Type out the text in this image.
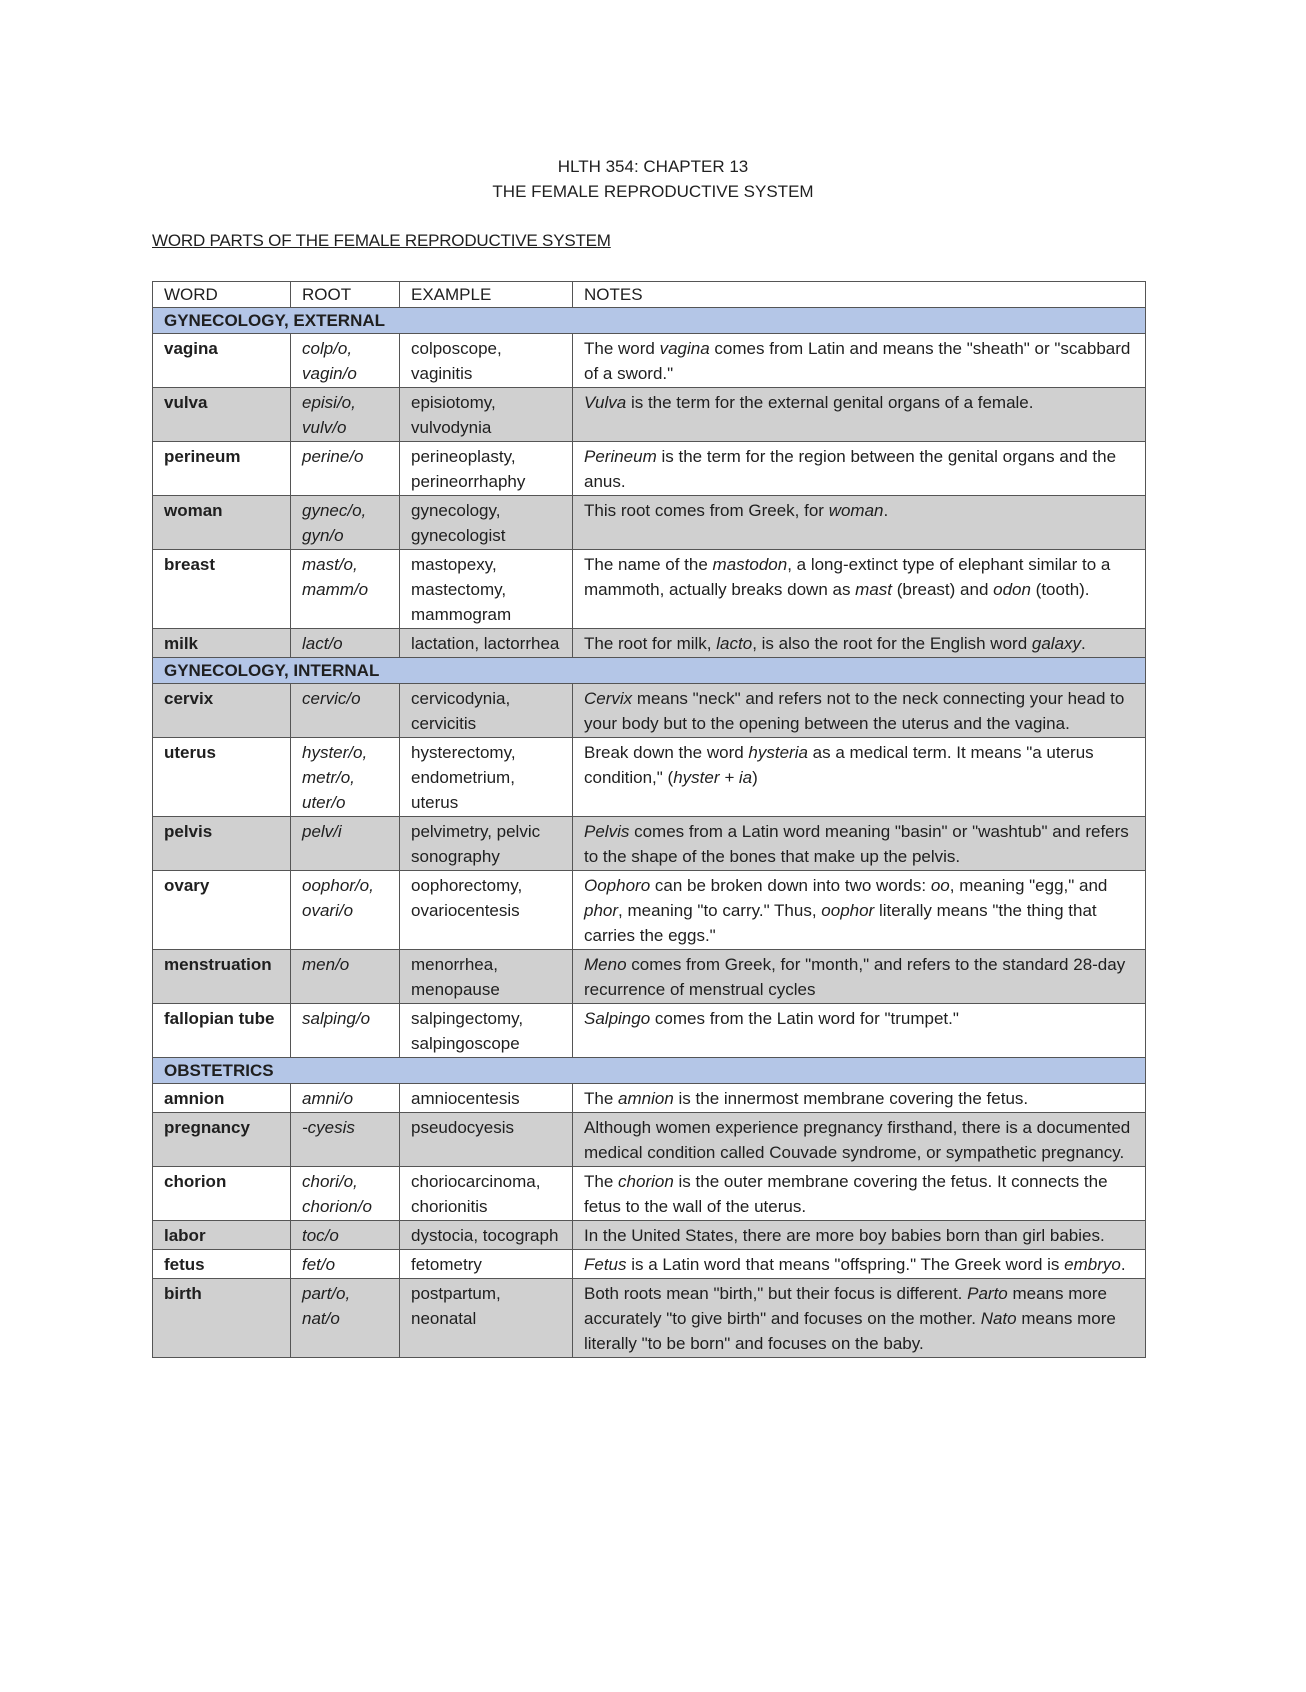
HLTH 354: CHAPTER 13
THE FEMALE REPRODUCTIVE SYSTEM
WORD PARTS OF THE FEMALE REPRODUCTIVE SYSTEM
WORD	ROOT	EXAMPLE	NOTES
GYNECOLOGY, EXTERNAL			
vagina	colp/o, vagin/o	colposcope, vaginitis	The word vagina comes from Latin and means the "sheath" or "scabbard of a sword."
vulva	episi/o, vulv/o	episiotomy, vulvodynia	Vulva is the term for the external genital organs of a female.
perineum	perine/o	perineoplasty, perineorrhaphy	Perineum is the term for the region between the genital organs and the anus.
woman	gynec/o, gyn/o	gynecology, gynecologist	This root comes from Greek, for woman.
breast	mast/o, mamm/o	mastopexy, mastectomy, mammogram	The name of the mastodon, a long-extinct type of elephant similar to a mammoth, actually breaks down as mast (breast) and odon (tooth).
milk	lact/o	lactation, lactorrhea	The root for milk, lacto, is also the root for the English word galaxy.
GYNECOLOGY, INTERNAL			
cervix	cervic/o	cervicodynia, cervicitis	Cervix means "neck" and refers not to the neck connecting your head to your body but to the opening between the uterus and the vagina.
uterus	hyster/o, metr/o, uter/o	hysterectomy, endometrium, uterus	Break down the word hysteria as a medical term. It means "a uterus condition," (hyster + ia)
pelvis	pelv/i	pelvimetry, pelvic sonography	Pelvis comes from a Latin word meaning "basin" or "washtub" and refers to the shape of the bones that make up the pelvis.
ovary	oophor/o, ovari/o	oophorectomy, ovariocentesis	Oophoro can be broken down into two words: oo, meaning "egg," and phor, meaning "to carry." Thus, oophor literally means "the thing that carries the eggs."
menstruation	men/o	menorrhea, menopause	Meno comes from Greek, for "month," and refers to the standard 28-day recurrence of menstrual cycles
fallopian tube	salping/o	salpingectomy, salpingoscope	Salpingo comes from the Latin word for "trumpet."
OBSTETRICS			
amnion	amni/o	amniocentesis	The amnion is the innermost membrane covering the fetus.
pregnancy	-cyesis	pseudocyesis	Although women experience pregnancy firsthand, there is a documented medical condition called Couvade syndrome, or sympathetic pregnancy.
chorion	chori/o, chorion/o	choriocarcinoma, chorionitis	The chorion is the outer membrane covering the fetus. It connects the fetus to the wall of the uterus.
labor	toc/o	dystocia, tocograph	In the United States, there are more boy babies born than girl babies.
fetus	fet/o	fetometry	Fetus is a Latin word that means "offspring." The Greek word is embryo.
birth	part/o, nat/o	postpartum, neonatal	Both roots mean "birth," but their focus is different. Parto means more accurately "to give birth" and focuses on the mother. Nato means more literally "to be born" and focuses on the baby.
